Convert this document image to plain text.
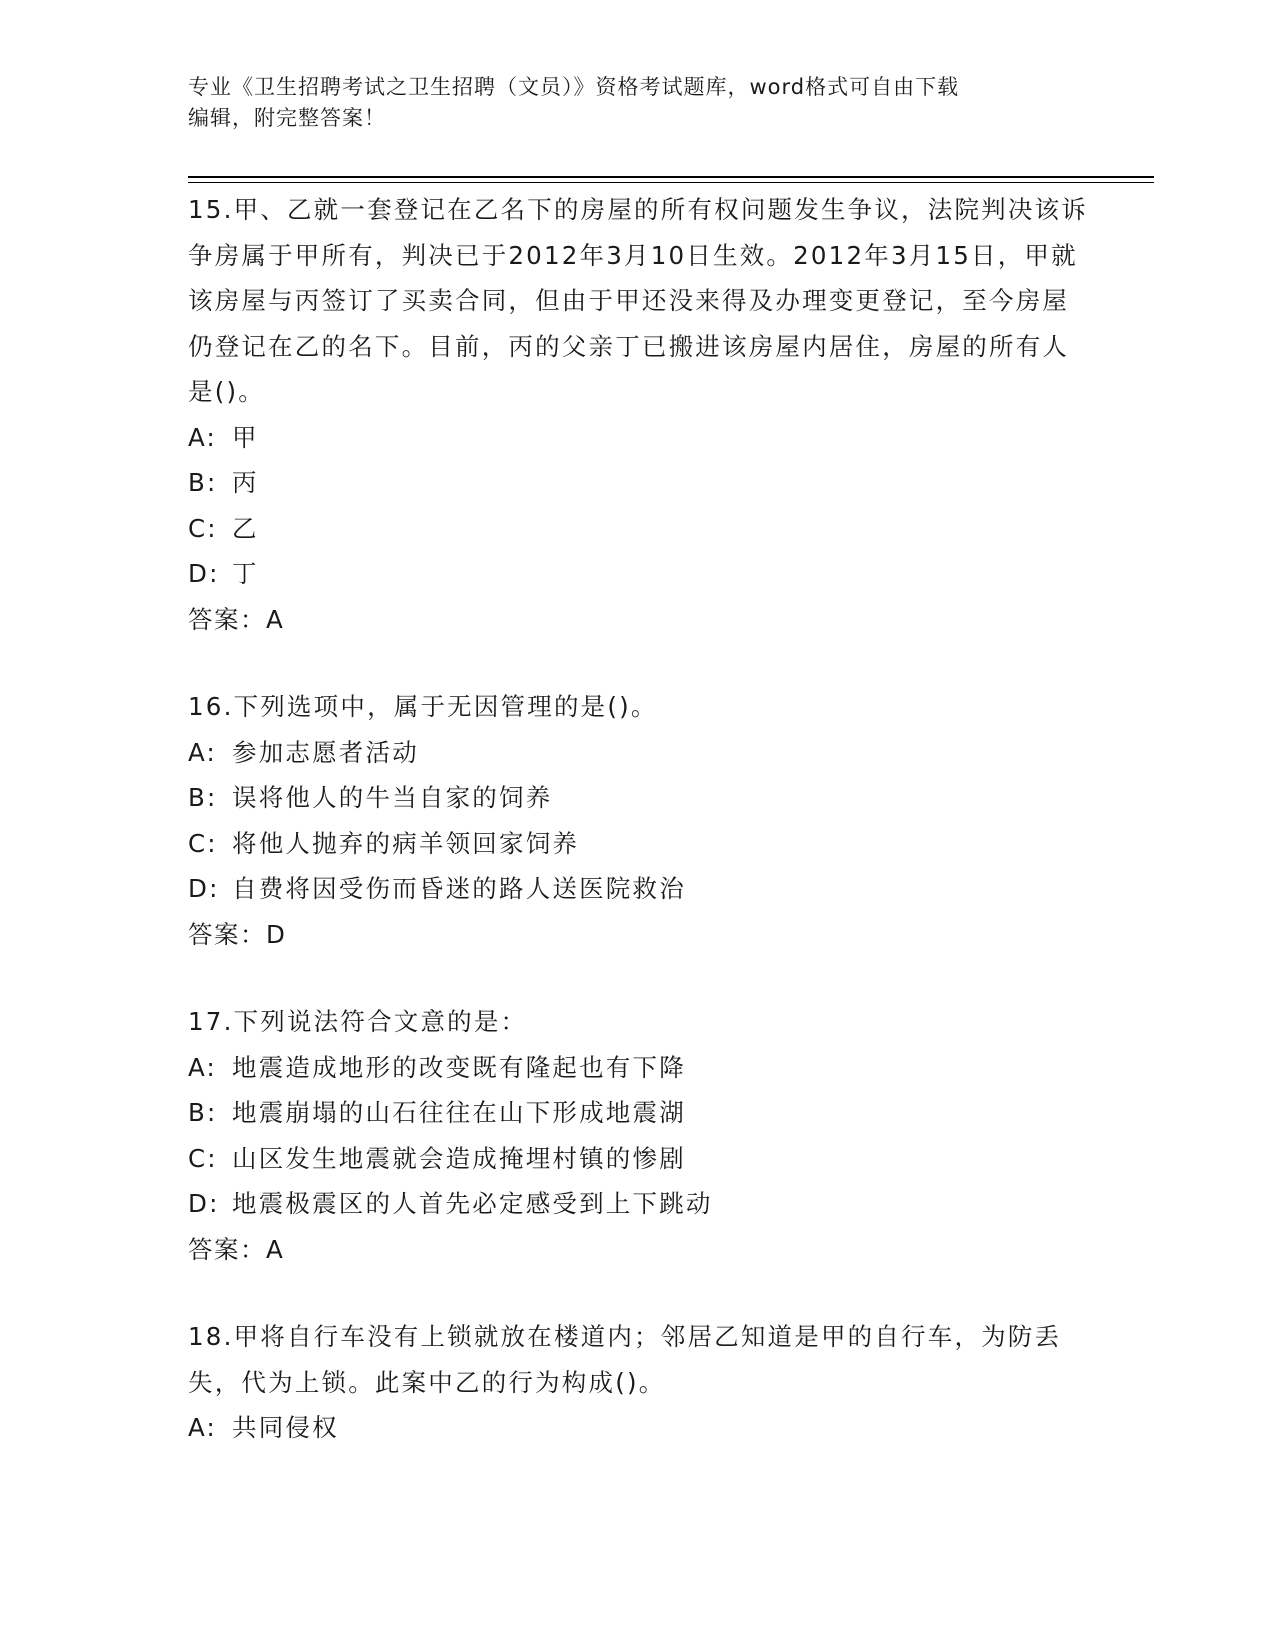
专业《卫生招聘考试之卫生招聘（文员）》资格考试题库，word格式可自由下载
编辑，附完整答案！

15.甲、乙就一套登记在乙名下的房屋的所有权问题发生争议，法院判决该诉争房属于甲所有，判决已于2012年3月10日生效。2012年3月15日，甲就该房屋与丙签订了买卖合同，但由于甲还没来得及办理变更登记，至今房屋仍登记在乙的名下。目前，丙的父亲丁已搬进该房屋内居住，房屋的所有人是()。

A: 甲
B: 丙
C: 乙
D: 丁
答案：A

16.下列选项中，属于无因管理的是()。

A: 参加志愿者活动
B: 误将他人的牛当自家的饲养
C: 将他人抛弃的病羊领回家饲养
D: 自费将因受伤而昏迷的路人送医院救治
答案：D

17.下列说法符合文意的是：

A: 地震造成地形的改变既有隆起也有下降
B: 地震崩塌的山石往往在山下形成地震湖
C: 山区发生地震就会造成掩埋村镇的惨剧
D: 地震极震区的人首先必定感受到上下跳动
答案：A

18.甲将自行车没有上锁就放在楼道内；邻居乙知道是甲的自行车，为防丢失，代为上锁。此案中乙的行为构成()。

A: 共同侵权
